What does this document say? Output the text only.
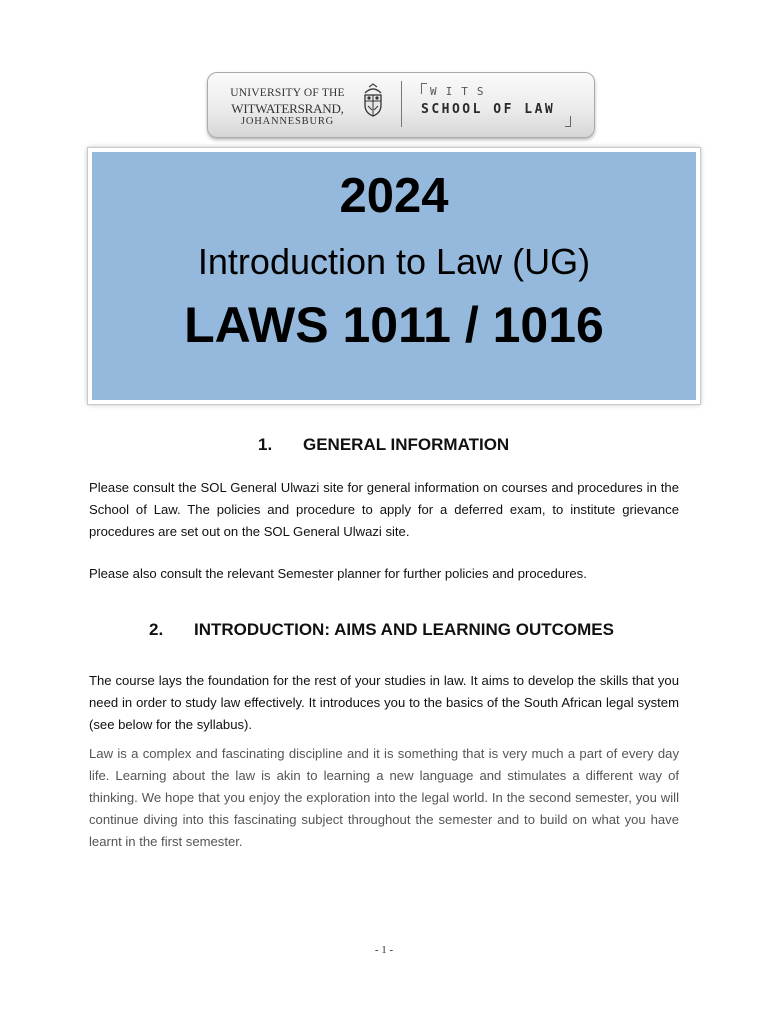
UNIVERSITY OF THE
WITWATERSRAND,
JOHANNESBURG
WITS
SCHOOL OF LAW
2024
Introduction to Law (UG)
LAWS 1011 / 1016
1. GENERAL INFORMATION

Please consult the SOL General Ulwazi site for general information on courses and procedures in the School of Law. The policies and procedure to apply for a deferred exam, to institute grievance procedures are set out on the SOL General Ulwazi site.

Please also consult the relevant Semester planner for further policies and procedures.

2. INTRODUCTION: AIMS AND LEARNING OUTCOMES

The course lays the foundation for the rest of your studies in law. It aims to develop the skills that you need in order to study law effectively. It introduces you to the basics of the South African legal system (see below for the syllabus).

Law is a complex and fascinating discipline and it is something that is very much a part of every day life. Learning about the law is akin to learning a new language and stimulates a different way of thinking. We hope that you enjoy the exploration into the legal world. In the second semester, you will continue diving into this fascinating subject throughout the semester and to build on what you have learnt in the first semester.

- 1 -
